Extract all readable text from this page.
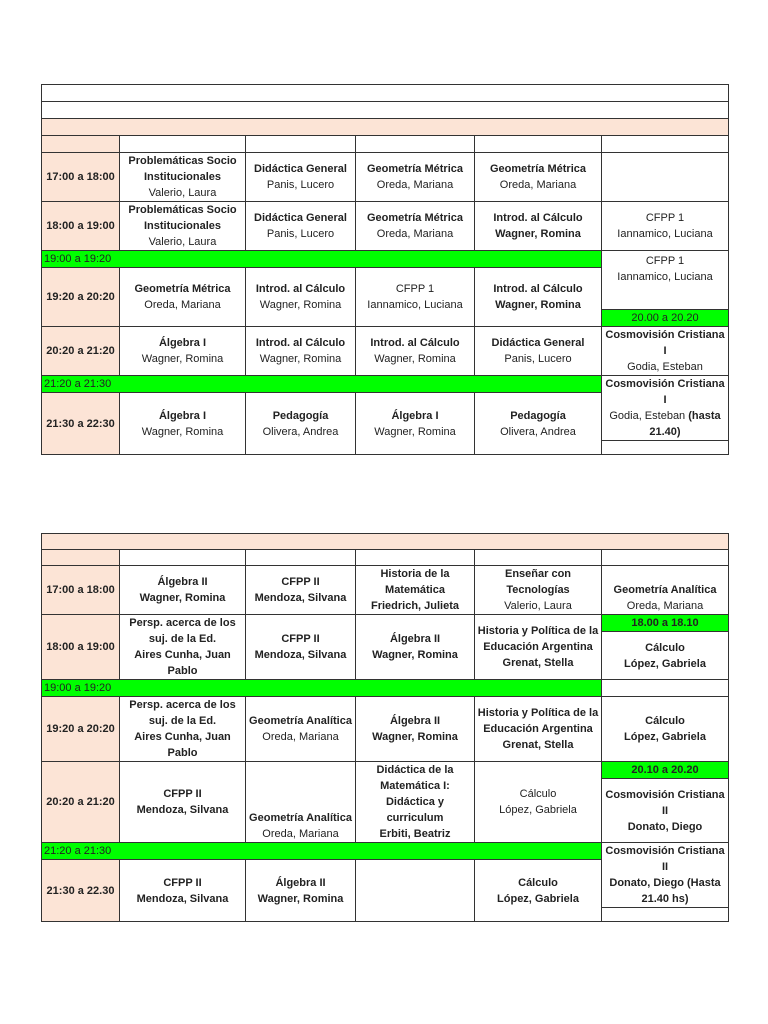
17:00 a 18:00	Problemáticas Socio Institucionales
Valerio, Laura	Didáctica General
Panis, Lucero	Geometría Métrica
Oreda, Mariana	Geometría Métrica
Oreda, Mariana	

18:00 a 19:00	Problemáticas Socio Institucionales
Valerio, Laura	Didáctica General
Panis, Lucero	Geometría Métrica
Oreda, Mariana	Introd. al Cálculo
Wagner, Romina	CFPP 1
Iannamico, Luciana

19:00 a 19:20					CFPP 1
Iannamico, Luciana

19:20 a 20:20	Geometría Métrica
Oreda, Mariana	Introd. al Cálculo
Wagner, Romina	CFPP 1
Iannamico, Luciana	Introd. al Cálculo
Wagner, Romina	

					20.00 a 20.20
20:20 a 21:20	Álgebra I
Wagner, Romina	Introd. al Cálculo
Wagner, Romina	Introd. al Cálculo
Wagner, Romina	Didáctica General
Panis, Lucero	Cosmovisión Cristiana I
Godia, Esteban

21:20 a 21:30					Cosmovisión Cristiana I
Godia, Esteban (hasta 21.40)

21:30 a 22:30	Álgebra I
Wagner, Romina	Pedagogía
Olivera, Andrea	Álgebra I
Wagner, Romina	Pedagogía
Olivera, Andrea	

17:00 a 18:00	Álgebra II
Wagner, Romina	CFPP II
Mendoza, Silvana	Historia de la Matemática
Friedrich, Julieta	Enseñar con Tecnologías
Valerio, Laura	Geometría Analítica
Oreda, Mariana

18:00 a 19:00	Persp. acerca de los suj. de la Ed.
Aires Cunha, Juan Pablo	CFPP II
Mendoza, Silvana	Álgebra II
Wagner, Romina	Historia y Política de la Educación Argentina
Grenat, Stella	18.00 a 18.10

					Cálculo
López, Gabriela

19:00 a 19:20					
19:20 a 20:20	Persp. acerca de los suj. de la Ed.
Aires Cunha, Juan Pablo	Geometría Analítica
Oreda, Mariana	Álgebra II
Wagner, Romina	Historia y Política de la Educación Argentina
Grenat, Stella	Cálculo
López, Gabriela

20:20 a 21:20	CFPP II
Mendoza, Silvana	Geometría Analítica
Oreda, Mariana	Didáctica de la Matemática I: Didáctica y curriculum
Erbiti, Beatriz	Cálculo
López, Gabriela	20.10 a 20.20

					Cosmovisión Cristiana II
Donato, Diego

21:20 a 21:30					Cosmovisión Cristiana II
Donato, Diego (Hasta 21.40 hs)

21:30 a 22.30	CFPP II
Mendoza, Silvana	Álgebra II
Wagner, Romina		Cálculo
López, Gabriela	
